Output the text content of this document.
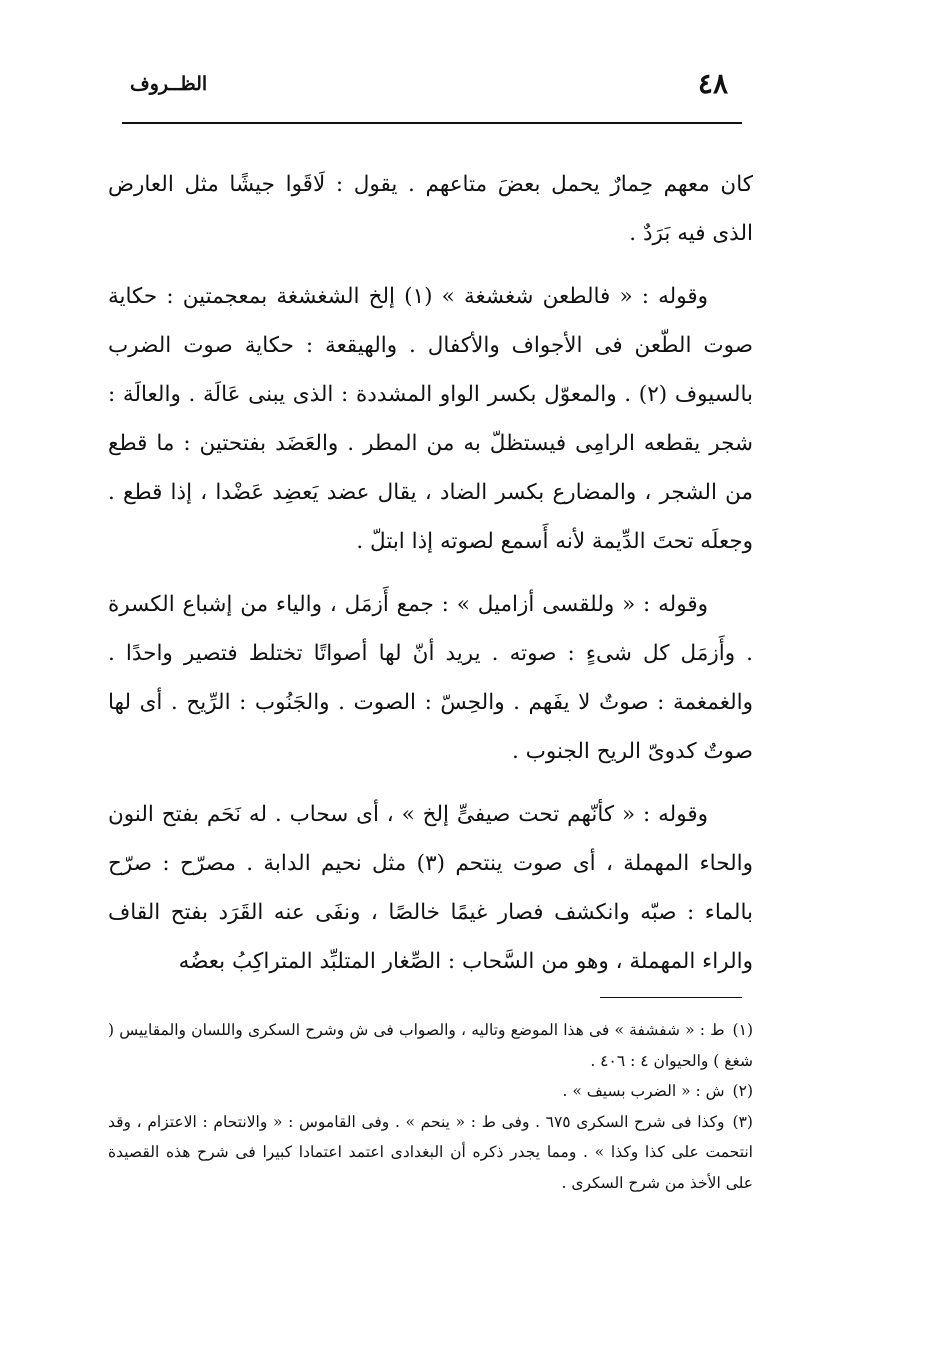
٤٨
الظــروف

كان معهم حِمارٌ يحمل بعضَ متاعهم . يقول : لَاقَوا جيشًا مثل العارض الذى فيه بَرَدٌ .

وقوله : « فالطعن شغشغة » (١) إلخ الشغشغة بمعجمتين : حكاية صوت الطّعن فى الأجواف والأكفال . والهيقعة : حكاية صوت الضرب بالسيوف (٢) . والمعوّل بكسر الواو المشددة : الذى يبنى عَالَة . والعالَة : شجر يقطعه الرامِى فيستظلّ به من المطر . والعَضَد بفتحتين : ما قطع من الشجر ، والمضارع بكسر الضاد ، يقال عضد يَعضِد عَضْدا ، إذا قطع . وجعلَه تحتَ الدِّيمة لأنه أَسمع لصوته إذا ابتلّ .

وقوله : « وللقسى أزاميل » : جمع أَزمَل ، والياء من إشباع الكسرة . وأَزمَل كل شىءٍ : صوته . يريد أنّ لها أصواتًا تختلط فتصير واحدًا . والغمغمة : صوتٌ لا يفَهم . والحِسّ : الصوت . والجَنُوب : الرِّيح . أى لها صوتٌ كدوىّ الريح الجنوب .

وقوله : « كأنّهم تحت صيفىٍّ إلخ » ، أى سحاب . له نَحَم بفتح النون والحاء المهملة ، أى صوت ينتحم (٣) مثل نحيم الدابة . مصرّح : صرّح بالماء : صبّه وانكشف فصار غيمًا خالصًا ، ونفَى عنه القَرَد بفتح القاف والراء المهملة ، وهو من السَّحاب : الصِّغار المتلبِّد المتراكِبُ بعضُه

(١)ط : « شفشفة » فى هذا الموضع وتاليه ، والصواب فى ش وشرح السكرى واللسان والمقاييس ( شغغ ) والحيوان ٤ : ٤٠٦ .

(٢)ش : « الضرب بسيف » .

(٣)وكذا فى شرح السكرى ٦٧٥ . وفى ط : « ينحم » . وفى القاموس : « والانتحام : الاعتزام ، وقد انتحمت على كذا وكذا » . ومما يجدر ذكره أن البغدادى اعتمد اعتمادا كبيرا فى شرح هذه القصيدة على الأخذ من شرح السكرى .
